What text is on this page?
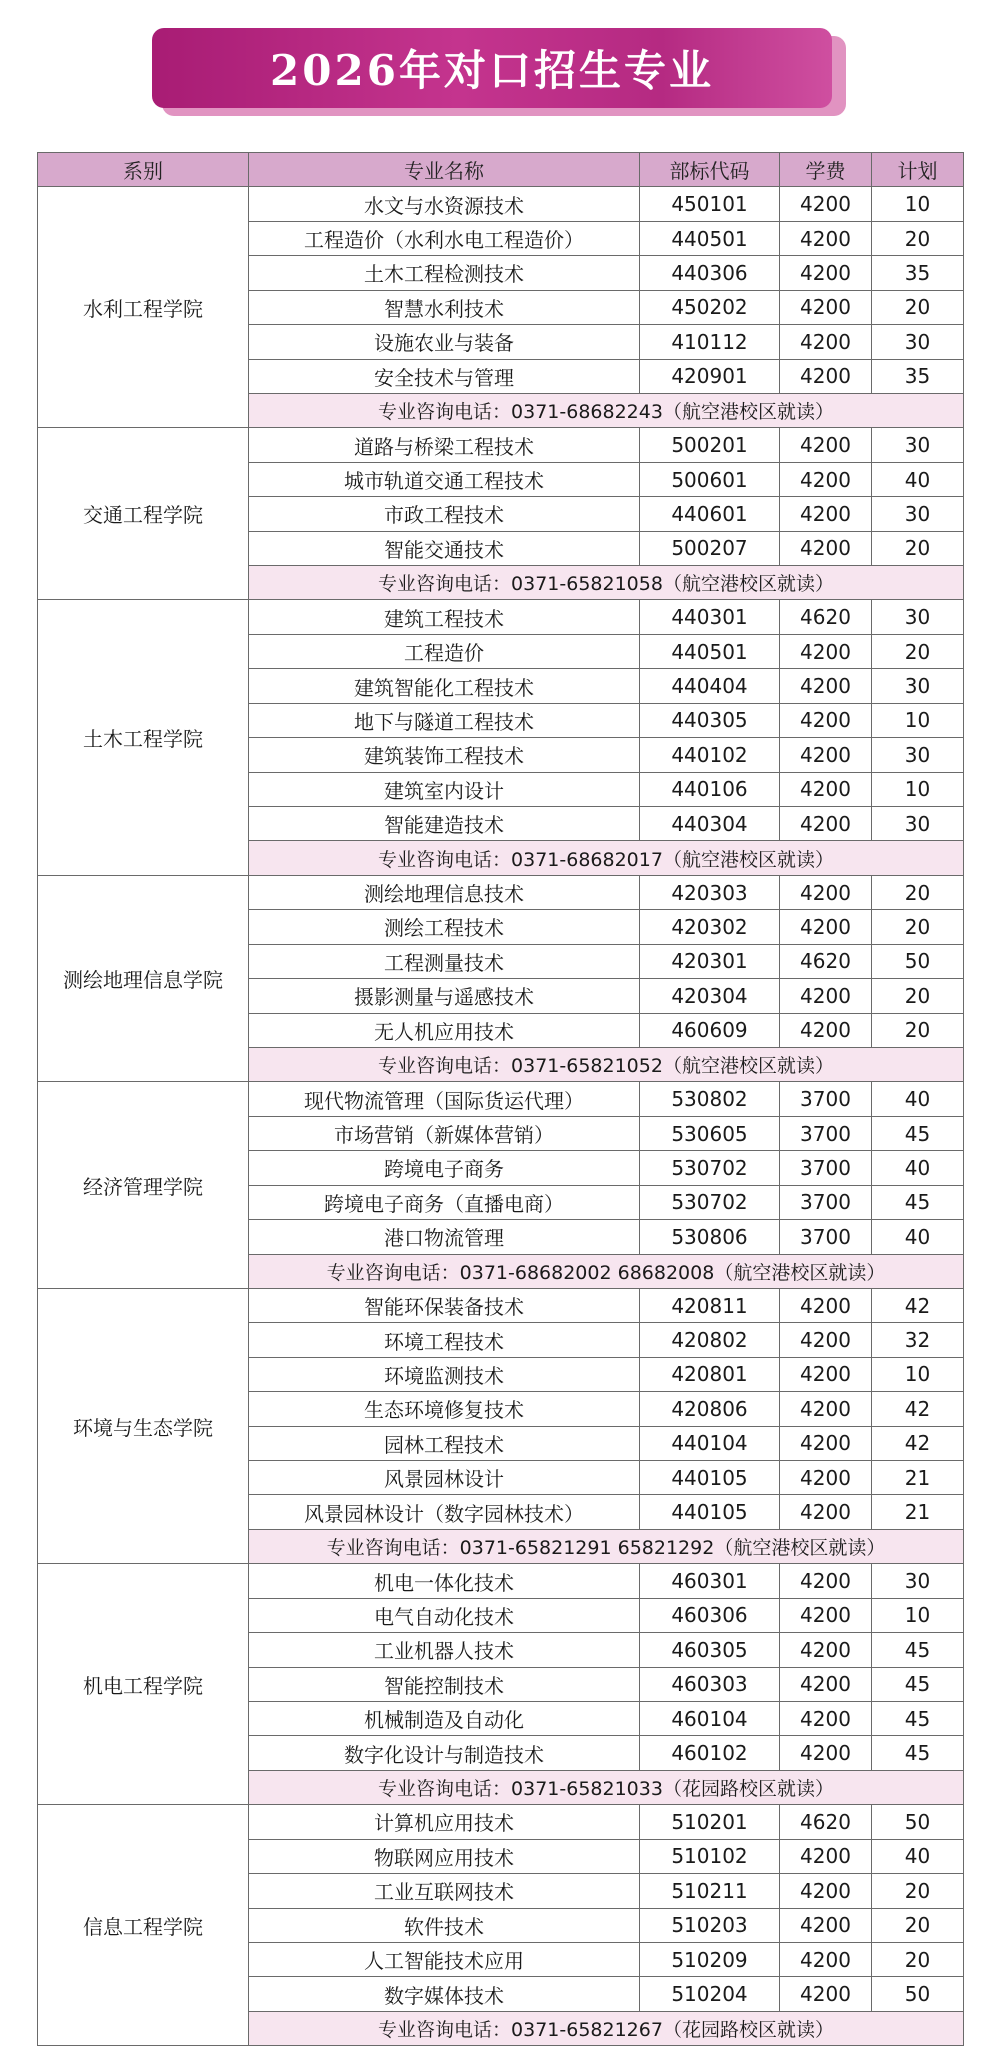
2026年对口招生专业
系别	专业名称	部标代码	学费	计划
水利工程学院	水文与水资源技术	450101	4200	10
	工程造价（水利水电工程造价）	440501	4200	20
	土木工程检测技术	440306	4200	35
	智慧水利技术	450202	4200	20
	设施农业与装备	410112	4200	30
	安全技术与管理	420901	4200	35
	专业咨询电话：0371-68682243（航空港校区就读）			
交通工程学院	道路与桥梁工程技术	500201	4200	30
	城市轨道交通工程技术	500601	4200	40
	市政工程技术	440601	4200	30
	智能交通技术	500207	4200	20
	专业咨询电话：0371-65821058（航空港校区就读）			
土木工程学院	建筑工程技术	440301	4620	30
	工程造价	440501	4200	20
	建筑智能化工程技术	440404	4200	30
	地下与隧道工程技术	440305	4200	10
	建筑装饰工程技术	440102	4200	30
	建筑室内设计	440106	4200	10
	智能建造技术	440304	4200	30
	专业咨询电话：0371-68682017（航空港校区就读）			
测绘地理信息学院	测绘地理信息技术	420303	4200	20
	测绘工程技术	420302	4200	20
	工程测量技术	420301	4620	50
	摄影测量与遥感技术	420304	4200	20
	无人机应用技术	460609	4200	20
	专业咨询电话：0371-65821052（航空港校区就读）			
经济管理学院	现代物流管理（国际货运代理）	530802	3700	40
	市场营销（新媒体营销）	530605	3700	45
	跨境电子商务	530702	3700	40
	跨境电子商务（直播电商）	530702	3700	45
	港口物流管理	530806	3700	40
	专业咨询电话：0371-68682002 68682008（航空港校区就读）			
环境与生态学院	智能环保装备技术	420811	4200	42
	环境工程技术	420802	4200	32
	环境监测技术	420801	4200	10
	生态环境修复技术	420806	4200	42
	园林工程技术	440104	4200	42
	风景园林设计	440105	4200	21
	风景园林设计（数字园林技术）	440105	4200	21
	专业咨询电话：0371-65821291 65821292（航空港校区就读）			
机电工程学院	机电一体化技术	460301	4200	30
	电气自动化技术	460306	4200	10
	工业机器人技术	460305	4200	45
	智能控制技术	460303	4200	45
	机械制造及自动化	460104	4200	45
	数字化设计与制造技术	460102	4200	45
	专业咨询电话：0371-65821033（花园路校区就读）			
信息工程学院	计算机应用技术	510201	4620	50
	物联网应用技术	510102	4200	40
	工业互联网技术	510211	4200	20
	软件技术	510203	4200	20
	人工智能技术应用	510209	4200	20
	数字媒体技术	510204	4200	50
	专业咨询电话：0371-65821267（花园路校区就读）			
